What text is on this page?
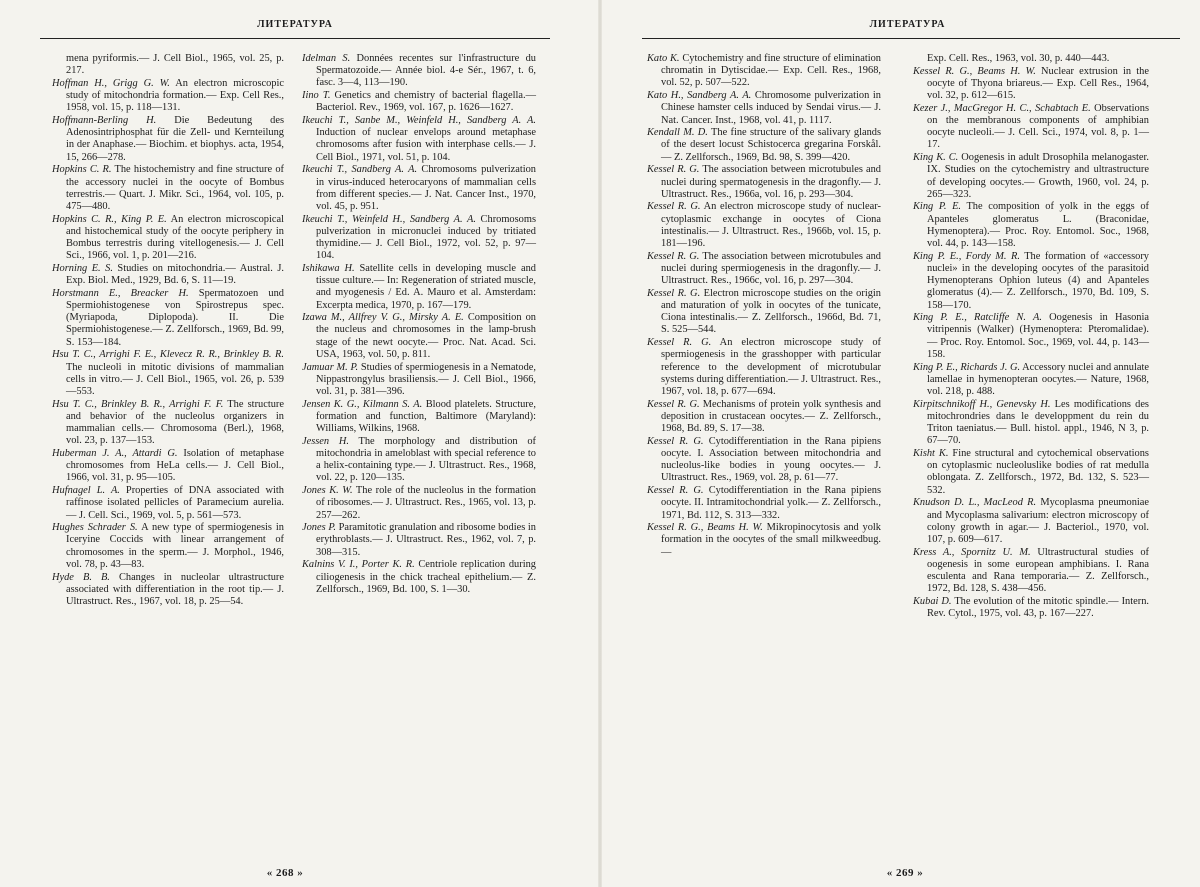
ЛИТЕРАТУРА

mena pyriformis.— J. Cell Biol., 1965, vol. 25, p. 217.

Hoffman H., Grigg G. W. An electron microscopic study of mitochondria formation.— Exp. Cell Res., 1958, vol. 15, p. 118—131.

Hoffmann-Berling H. Die Bedeutung des Adenosintriphosphat für die Zell- und Kernteilung in der Anaphase.— Biochim. et biophys. acta, 1954, 15, 266—278.

Hopkins C. R. The histochemistry and fine structure of the accessory nuclei in the oocyte of Bombus terrestris.— Quart. J. Mikr. Sci., 1964, vol. 105, p. 475—480.

Hopkins C. R., King P. E. An electron microscopical and histochemical study of the oocyte periphery in Bombus terrestris during vitellogenesis.— J. Cell Sci., 1966, vol. 1, p. 201—216.

Horning E. S. Studies on mitochondria.— Austral. J. Exp. Biol. Med., 1929, Bd. 6, S. 11—19.

Horstmann E., Breacker H. Spermatozoen und Spermiohistogenese von Spirostrepus spec. (Myriapoda, Diplopoda). II. Die Spermiohistogenese.— Z. Zellforsch., 1969, Bd. 99, S. 153—184.

Hsu T. C., Arrighi F. E., Klevecz R. R., Brinkley B. R. The nucleoli in mitotic divisions of mammalian cells in vitro.— J. Cell Biol., 1965, vol. 26, p. 539—553.

Hsu T. C., Brinkley B. R., Arrighi F. F. The structure and behavior of the nucleolus organizers in mammalian cells.— Chromosoma (Berl.), 1968, vol. 23, p. 137—153.

Huberman J. A., Attardi G. Isolation of metaphase chromosomes from HeLa cells.— J. Cell Biol., 1966, vol. 31, p. 95—105.

Hufnagel L. A. Properties of DNA associated with raffinose isolated pellicles of Paramecium aurelia.— J. Cell. Sci., 1969, vol. 5, p. 561—573.

Hughes Schrader S. A new type of spermiogenesis in Iceryine Coccids with linear arrangement of chromosomes in the sperm.— J. Morphol., 1946, vol. 78, p. 43—83.

Hyde B. B. Changes in nucleolar ultrastructure associated with differentiation in the root tip.— J. Ultrastruct. Res., 1967, vol. 18, p. 25—54.

Idelman S. Données recentes sur l'infrastructure du Spermatozoide.— Année biol. 4-e Sér., 1967, t. 6, fasc. 3—4, 113—190.

Iino T. Genetics and chemistry of bacterial flagella.— Bacteriol. Rev., 1969, vol. 167, p. 1626—1627.

Ikeuchi T., Sanbe M., Weinfeld H., Sandberg A. A. Induction of nuclear envelops around metaphase chromosoms after fusion with interphase cells.— J. Cell Biol., 1971, vol. 51, p. 104.

Ikeuchi T., Sandberg A. A. Chromosoms pulverization in virus-induced heterocaryons of mammalian cells from different species.— J. Nat. Cancer Inst., 1970, vol. 45, p. 951.

Ikeuchi T., Weinfeld H., Sandberg A. A. Chromosoms pulverization in micronuclei induced by tritiated thymidine.— J. Cell Biol., 1972, vol. 52, p. 97—104.

Ishikawa H. Satellite cells in developing muscle and tissue culture.— In: Regeneration of striated muscle, and myogenesis / Ed. A. Mauro et al. Amsterdam: Excerpta medica, 1970, p. 167—179.

Izawa M., Allfrey V. G., Mirsky A. E. Composition on the nucleus and chromosomes in the lamp-brush stage of the newt oocyte.— Proc. Nat. Acad. Sci. USA, 1963, vol. 50, p. 811.

Jamuar M. P. Studies of spermiogenesis in a Nematode, Nippastrongylus brasiliensis.— J. Cell Biol., 1966, vol. 31, p. 381—396.

Jensen K. G., Kilmann S. A. Blood platelets. Structure, formation and function, Baltimore (Maryland): Williams, Wilkins, 1968.

Jessen H. The morphology and distribution of mitochondria in ameloblast with special reference to a helix-containing type.— J. Ultrastruct. Res., 1968, vol. 22, p. 120—135.

Jones K. W. The role of the nucleolus in the formation of ribosomes.— J. Ultrastruct. Res., 1965, vol. 13, p. 257—262.

Jones P. Paramitotic granulation and ribosome bodies in erythroblasts.— J. Ultrastruct. Res., 1962, vol. 7, p. 308—315.

Kalnins V. I., Porter K. R. Centriole replication during ciliogenesis in the chick tracheal epithelium.— Z. Zellforsch., 1969, Bd. 100, S. 1—30.

« 268 »
ЛИТЕРАТУРА

Kato K. Cytochemistry and fine structure of elimination chromatin in Dytiscidae.— Exp. Cell. Res., 1968, vol. 52, p. 507—522.

Kato H., Sandberg A. A. Chromosome pulverization in Chinese hamster cells induced by Sendai virus.— J. Nat. Cancer. Inst., 1968, vol. 41, p. 1117.

Kendall M. D. The fine structure of the salivary glands of the desert locust Schistocerca gregarina Forskål.— Z. Zellforsch., 1969, Bd. 98, S. 399—420.

Kessel R. G. The association between microtubules and nuclei during spermatogenesis in the dragonfly.— J. Ultrastruct. Res., 1966a, vol. 16, p. 293—304.

Kessel R. G. An electron microscope study of nuclear-cytoplasmic exchange in oocytes of Ciona intestinalis.— J. Ultrastruct. Res., 1966b, vol. 15, p. 181—196.

Kessel R. G. The association between microtubules and nuclei during spermiogenesis in the dragonfly.— J. Ultrastruct. Res., 1966c, vol. 16, p. 297—304.

Kessel R. G. Electron microscope studies on the origin and maturation of yolk in oocytes of the tunicate, Ciona intestinalis.— Z. Zellforsch., 1966d, Bd. 71, S. 525—544.

Kessel R. G. An electron microscope study of spermiogenesis in the grasshopper with particular reference to the development of microtubular systems during differentiation.— J. Ultrastruct. Res., 1967, vol. 18, p. 677—694.

Kessel R. G. Mechanisms of protein yolk synthesis and deposition in crustacean oocytes.— Z. Zellforsch., 1968, Bd. 89, S. 17—38.

Kessel R. G. Cytodifferentiation in the Rana pipiens oocyte. I. Association between mitochondria and nucleolus-like bodies in young oocytes.— J. Ultrastruct. Res., 1969, vol. 28, p. 61—77.

Kessel R. G. Cytodifferentiation in the Rana pipiens oocyte. II. Intramitochondrial yolk.— Z. Zellforsch., 1971, Bd. 112, S. 313—332.

Kessel R. G., Beams H. W. Mikropinocytosis and yolk formation in the oocytes of the small milkweedbug.—

Exp. Cell. Res., 1963, vol. 30, p. 440—443.

Kessel R. G., Beams H. W. Nuclear extrusion in the oocyte of Thyona briareus.— Exp. Cell Res., 1964, vol. 32, p. 612—615.

Kezer J., MacGregor H. C., Schabtach E. Observations on the membranous components of amphibian oocyte nucleoli.— J. Cell. Sci., 1974, vol. 8, p. 1—17.

King K. C. Oogenesis in adult Drosophila melanogaster. IX. Studies on the cytochemistry and ultrastructure of developing oocytes.— Growth, 1960, vol. 24, p. 265—323.

King P. E. The composition of yolk in the eggs of Apanteles glomeratus L. (Braconidae, Hymenoptera).— Proc. Roy. Entomol. Soc., 1968, vol. 44, p. 143—158.

King P. E., Fordy M. R. The formation of «accessory nuclei» in the developing oocytes of the parasitoid Hymenopterans Ophion luteus (4) and Apanteles glomeratus (4).— Z. Zellforsch., 1970, Bd. 109, S. 158—170.

King P. E., Ratcliffe N. A. Oogenesis in Hasonia vitripennis (Walker) (Hymenoptera: Pteromalidae).— Proc. Roy. Entomol. Soc., 1969, vol. 44, p. 143—158.

King P. E., Richards J. G. Accessory nuclei and annulate lamellae in hymenopteran oocytes.— Nature, 1968, vol. 218, p. 488.

Kirpitschnikoff H., Genevsky H. Les modifications des mitochrondries dans le developpment du rein du Triton taeniatus.— Bull. histol. appl., 1946, N 3, p. 67—70.

Kisht K. Fine structural and cytochemical observations on cytoplasmic nucleoluslike bodies of rat medulla oblongata. Z. Zellforsch., 1972, Bd. 132, S. 523—532.

Knudson D. L., MacLeod R. Mycoplasma pneumoniae and Mycoplasma salivarium: electron microscopy of colony growth in agar.— J. Bacteriol., 1970, vol. 107, p. 609—617.

Kress A., Spornitz U. M. Ultrastructural studies of oogenesis in some european amphibians. I. Rana esculenta and Rana temporaria.— Z. Zellforsch., 1972, Bd. 128, S. 438—456.

Kubai D. The evolution of the mitotic spindle.— Intern. Rev. Cytol., 1975, vol. 43, p. 167—227.

« 269 »
